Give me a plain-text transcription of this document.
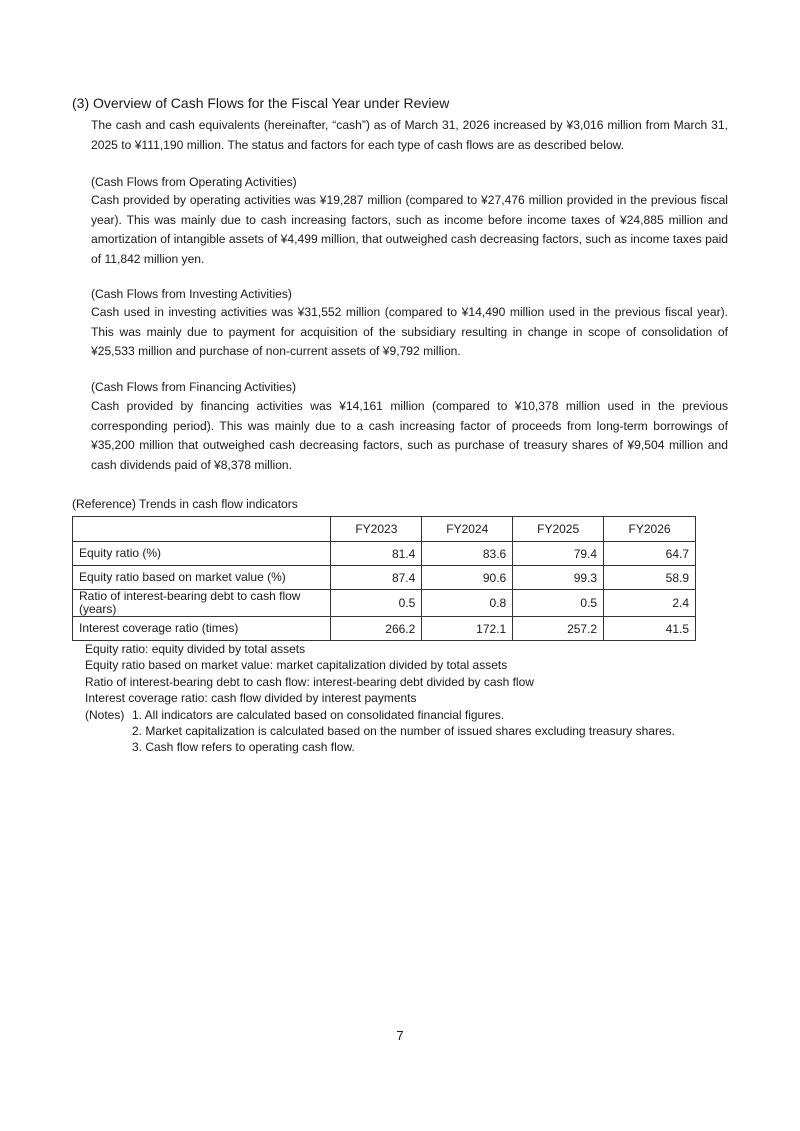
(3) Overview of Cash Flows for the Fiscal Year under Review

The cash and cash equivalents (hereinafter, “cash”) as of March 31, 2026 increased by ¥3,016 million from March 31, 2025 to ¥111,190 million. The status and factors for each type of cash flows are as described below.

(Cash Flows from Operating Activities)

Cash provided by operating activities was ¥19,287 million (compared to ¥27,476 million provided in the previous fiscal year). This was mainly due to cash increasing factors, such as income before income taxes of ¥24,885 million and amortization of intangible assets of ¥4,499 million, that outweighed cash decreasing factors, such as income taxes paid of 11,842 million yen.

(Cash Flows from Investing Activities)

Cash used in investing activities was ¥31,552 million (compared to ¥14,490 million used in the previous fiscal year). This was mainly due to payment for acquisition of the subsidiary resulting in change in scope of consolidation of ¥25,533 million and purchase of non-current assets of ¥9,792 million.

(Cash Flows from Financing Activities)

Cash provided by financing activities was ¥14,161 million (compared to ¥10,378 million used in the previous corresponding period). This was mainly due to a cash increasing factor of proceeds from long-term borrowings of ¥35,200 million that outweighed cash decreasing factors, such as purchase of treasury shares of ¥9,504 million and cash dividends paid of ¥8,378 million.

(Reference) Trends in cash flow indicators
	FY2023	FY2024	FY2025	FY2026
Equity ratio (%)	81.4	83.6	79.4	64.7
Equity ratio based on market value (%)	87.4	90.6	99.3	58.9
Ratio of interest-bearing debt to cash flow (years)	0.5	0.8	0.5	2.4
Interest coverage ratio (times)	266.2	172.1	257.2	41.5
Equity ratio: equity divided by total assets
Equity ratio based on market value: market capitalization divided by total assets
Ratio of interest-bearing debt to cash flow: interest-bearing debt divided by cash flow
Interest coverage ratio: cash flow divided by interest payments
(Notes) 1. All indicators are calculated based on consolidated financial figures.
2. Market capitalization is calculated based on the number of issued shares excluding treasury shares.
3. Cash flow refers to operating cash flow.
7
